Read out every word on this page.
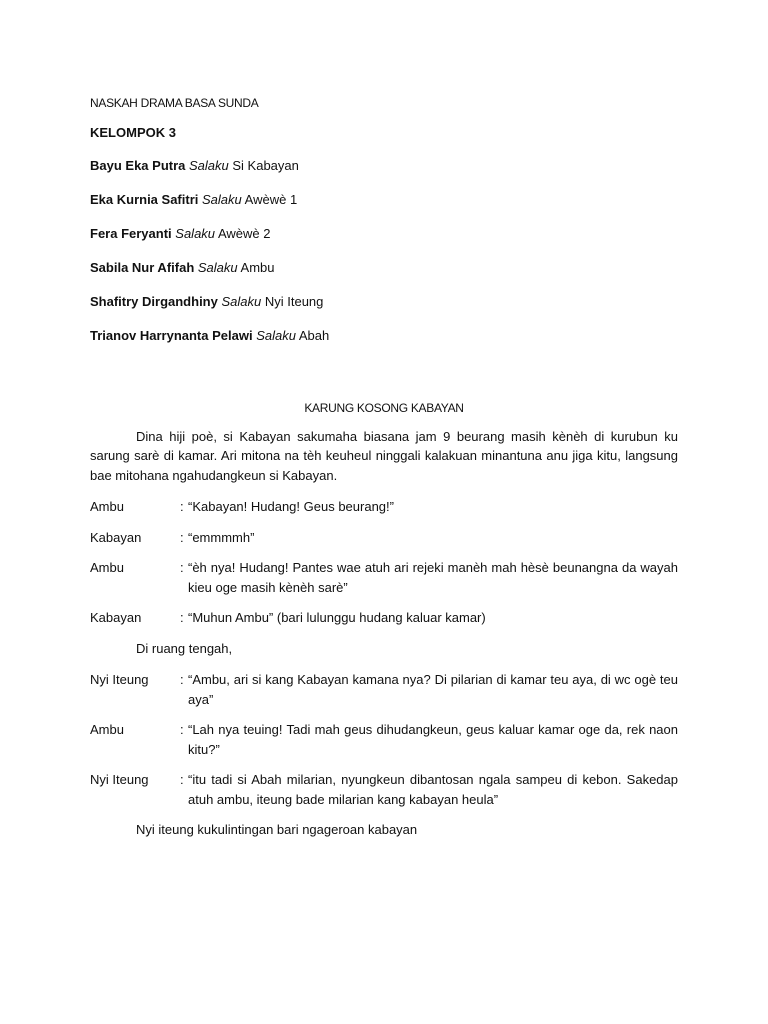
NASKAH DRAMA BASA SUNDA
KELOMPOK 3
Bayu Eka Putra Salaku Si Kabayan
Eka Kurnia Safitri Salaku Awèwè 1
Fera Feryanti Salaku Awèwè 2
Sabila Nur Afifah Salaku Ambu
Shafitry Dirgandhiny Salaku Nyi Iteung
Trianov Harrynanta Pelawi Salaku Abah
KARUNG KOSONG KABAYAN

Dina hiji poè, si Kabayan sakumaha biasana jam 9 beurang masih kènèh di kurubun ku sarung sarè di kamar. Ari mitona na tèh keuheul ninggali kalakuan minantuna anu jiga kitu, langsung bae mitohana ngahudangkeun si Kabayan.

Ambu	: “Kabayan! Hudang! Geus beurang!”
Kabayan	: “emmmmh”
Ambu	: “èh nya! Hudang! Pantes wae atuh ari rejeki manèh mah hèsè beunangna da wayah kieu oge masih kènèh sarè”
Kabayan	: “Muhun Ambu” (bari lulunggu hudang kaluar kamar)
Di ruang tengah,
Nyi Iteung	: “Ambu, ari si kang Kabayan kamana nya? Di pilarian di kamar teu aya, di wc ogè teu aya”
Ambu	: “Lah nya teuing! Tadi mah geus dihudangkeun, geus kaluar kamar oge da, rek naon kitu?”
Nyi Iteung	: “itu tadi si Abah milarian, nyungkeun dibantosan ngala sampeu di kebon. Sakedap atuh ambu, iteung bade milarian kang kabayan heula”
Nyi iteung kukulintingan bari ngageroan kabayan
